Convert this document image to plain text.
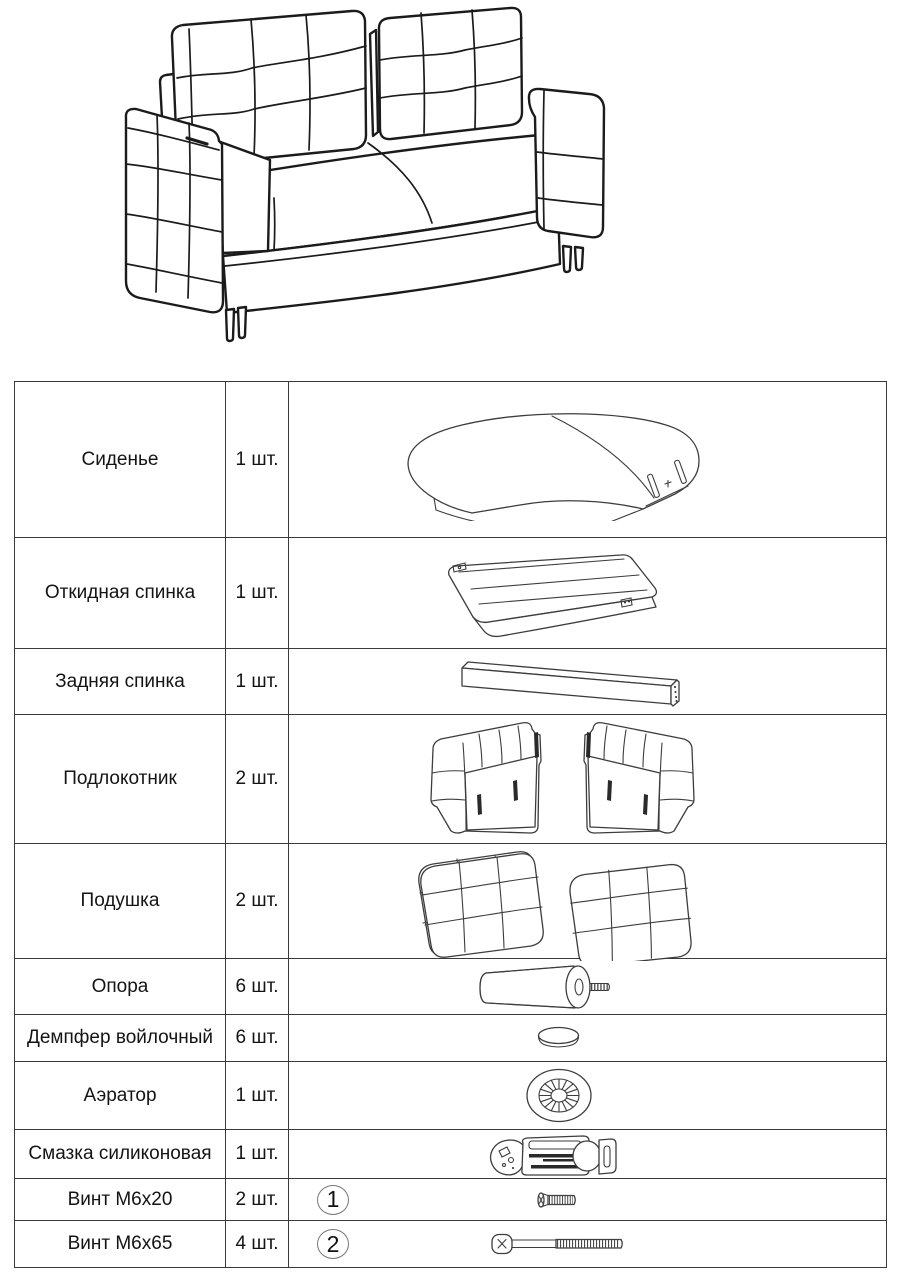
Сиденье	1 шт.
Откидная спинка 1 шт.
Задняя спинка	1 шт.
Подлокотник	2 шт.
Подушка	2 шт.
Опора	6 шт.
Демпфер войлочный 6 шт.
Аэратор	1 шт.
Смазка силиконовая 1 шт.
Винт М6х20	2 шт. 1
Винт М6х65	4 шт. 2
